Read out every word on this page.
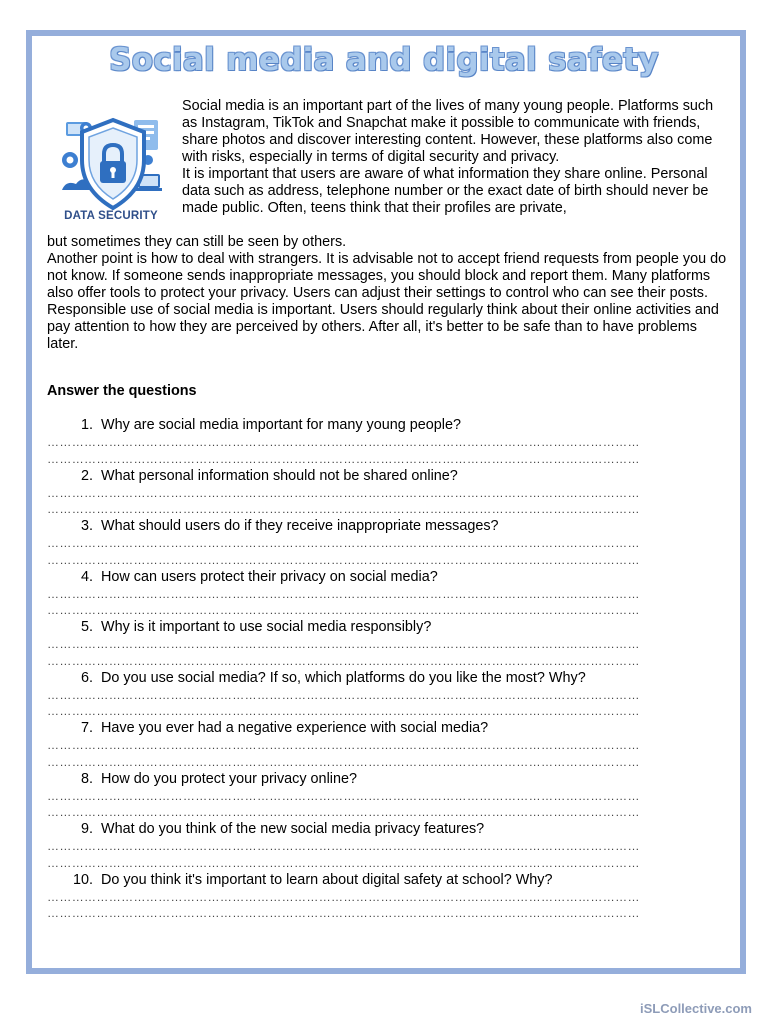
Social media and digital safety
DATA SECURITY

Social media is an important part of the lives of many young people. Platforms such as Instagram, TikTok and Snapchat make it possible to communicate with friends, share photos and discover interesting content. However, these platforms also come with risks, especially in terms of digital security and privacy.

It is important that users are aware of what information they share online. Personal data such as address, telephone number or the exact date of birth should never be made public. Often, teens think that their profiles are private,

but sometimes they can still be seen by others.

Another point is how to deal with strangers. It is advisable not to accept friend requests from people you do not know. If someone sends inappropriate messages, you should block and report them. Many platforms also offer tools to protect your privacy. Users can adjust their settings to control who can see their posts.

Responsible use of social media is important. Users should regularly think about their online activities and pay attention to how they are perceived by others. After all, it's better to be safe than to have problems later.

Answer the questions
1. Why are social media important for many young people?
………………………………………………………………………………………………………………………………
………………………………………………………………………………………………………………………………
2. What personal information should not be shared online?
………………………………………………………………………………………………………………………………
………………………………………………………………………………………………………………………………
3. What should users do if they receive inappropriate messages?
………………………………………………………………………………………………………………………………
………………………………………………………………………………………………………………………………
4. How can users protect their privacy on social media?
………………………………………………………………………………………………………………………………
………………………………………………………………………………………………………………………………
5. Why is it important to use social media responsibly?
………………………………………………………………………………………………………………………………
………………………………………………………………………………………………………………………………
6. Do you use social media? If so, which platforms do you like the most? Why?
………………………………………………………………………………………………………………………………
………………………………………………………………………………………………………………………………
7. Have you ever had a negative experience with social media?
………………………………………………………………………………………………………………………………
………………………………………………………………………………………………………………………………
8. How do you protect your privacy online?
………………………………………………………………………………………………………………………………
………………………………………………………………………………………………………………………………
9. What do you think of the new social media privacy features?
………………………………………………………………………………………………………………………………
………………………………………………………………………………………………………………………………
10. Do you think it's important to learn about digital safety at school? Why?
………………………………………………………………………………………………………………………………
………………………………………………………………………………………………………………………………
iSLCollective.com
